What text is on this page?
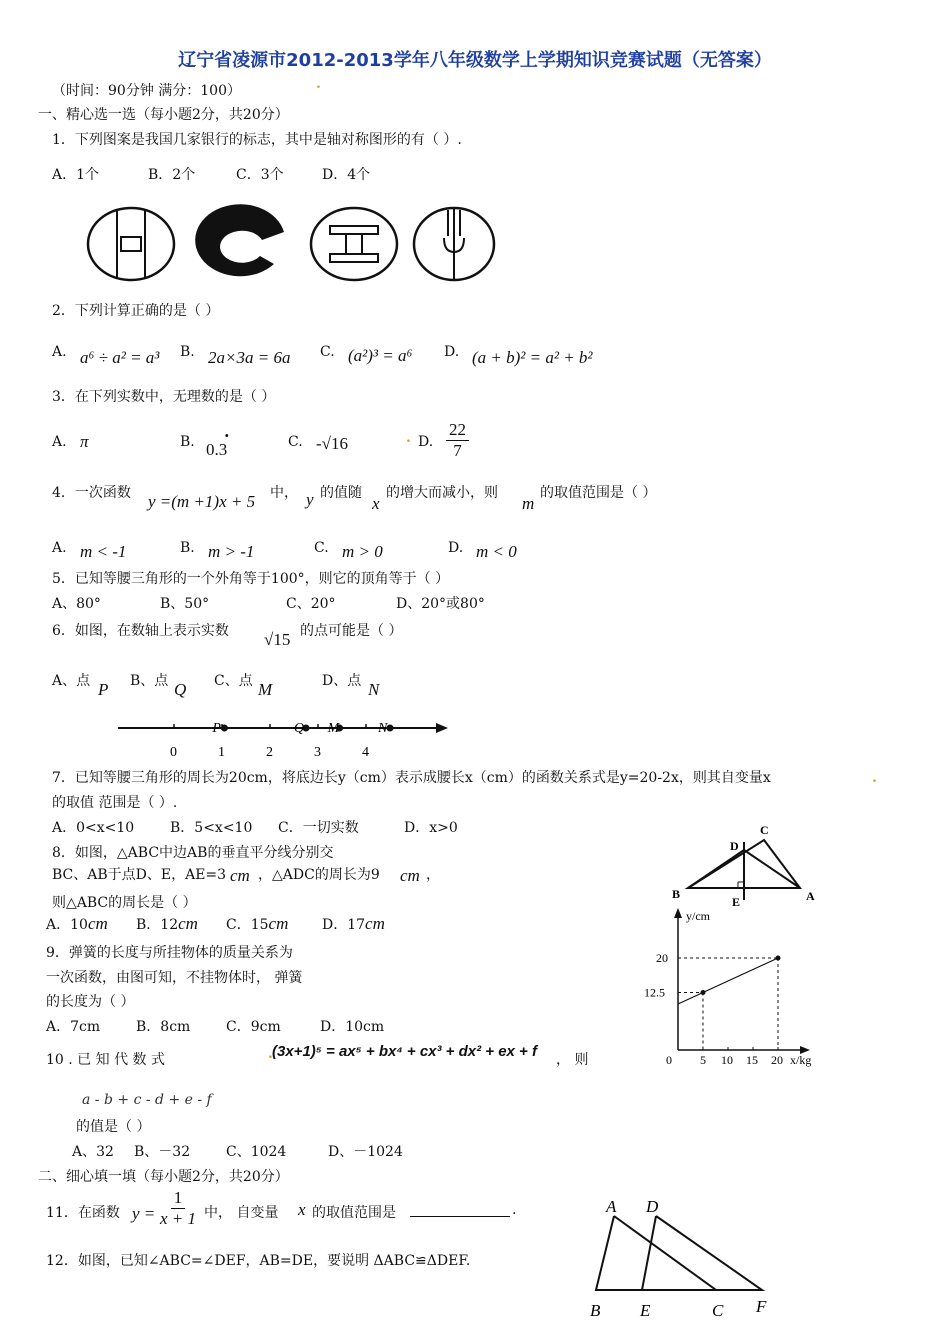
辽宁省凌源市2012-2013学年八年级数学上学期知识竞赛试题（无答案）
（时间：90分钟 满分：100）	.
一、精心选一选（每小题2分，共20分）
1．下列图案是我国几家银行的标志，其中是轴对称图形的有（ ）.
A．1个	B．2个	C．3个	D．4个
2．下列计算正确的是（ ）
A. a⁶ ÷ a² = a³ B. 2a×3a = 6a C. (a²)³ = a⁶ D. (a + b)² = a² + b²
3．在下列实数中，无理数的是（ ）
A. π	B. 0.3
·	C. -√16	. D. $\frac{22}{7}$
4．一次函数 y =(m +1)x + 5 中， y 的值随
x
的增大而减小，则
m
的取值范围是（ ）
A. m < -1	B. m > -1	C. m > 0	D. m < 0
5．已知等腰三角形的一个外角等于100°，则它的顶角等于（ ）
A、80°	B、50°	C、20°	D、20°或80°
6．如图，在数轴上表示实数 √15 的点可能是（ ）
A、点 P B、点 Q C、点 M	D、点 N
0	1	2	3	4
P	Q M	N
7．已知等腰三角形的周长为20cm，将底边长y（cm）表示成腰长x（cm）的函数关系式是y=20-2x，则其自变量x	.
的取值 范围是（ ）.
A．0<x<10	B．5<x<10 C．一切实数	D．x>0
8．如图，△ABC中边AB的垂直平分线分别交
BC、AB于点D、E，AE=3 cm ，△ADC的周长为9 cm ，
则△ABC的周长是（ ）
A．10cm B．12cm C．15cm D．17cm
C
D
B
E	A
9．弹簧的长度与所挂物体的质量关系为
一次函数，由图可知，不挂物体时， 弹簧
的长度为（ ）
A．7cm	B．8cm	C．9cm	D．10cm
y/cm
x/kg
0
20
12.5
5 10 15 20
10 . 已 知 代 数 式	. (3x+1)⁵ = ax⁵ + bx⁴ + cx³ + dx² + ex + f ， 则
a - b + c - d + e - f
的值是（ ）
A、32 B、－32	C、1024	D、－1024
二、细心填一填（每小题2分，共20分）
11．在函数 $y = \frac{1}{x + 1}$ 中， 自变量 x 的取值范围是	.
12．如图，已知∠ABC=∠DEF，AB=DE，要说明 ΔABC≌ΔDEF.
A D
B E	C F
